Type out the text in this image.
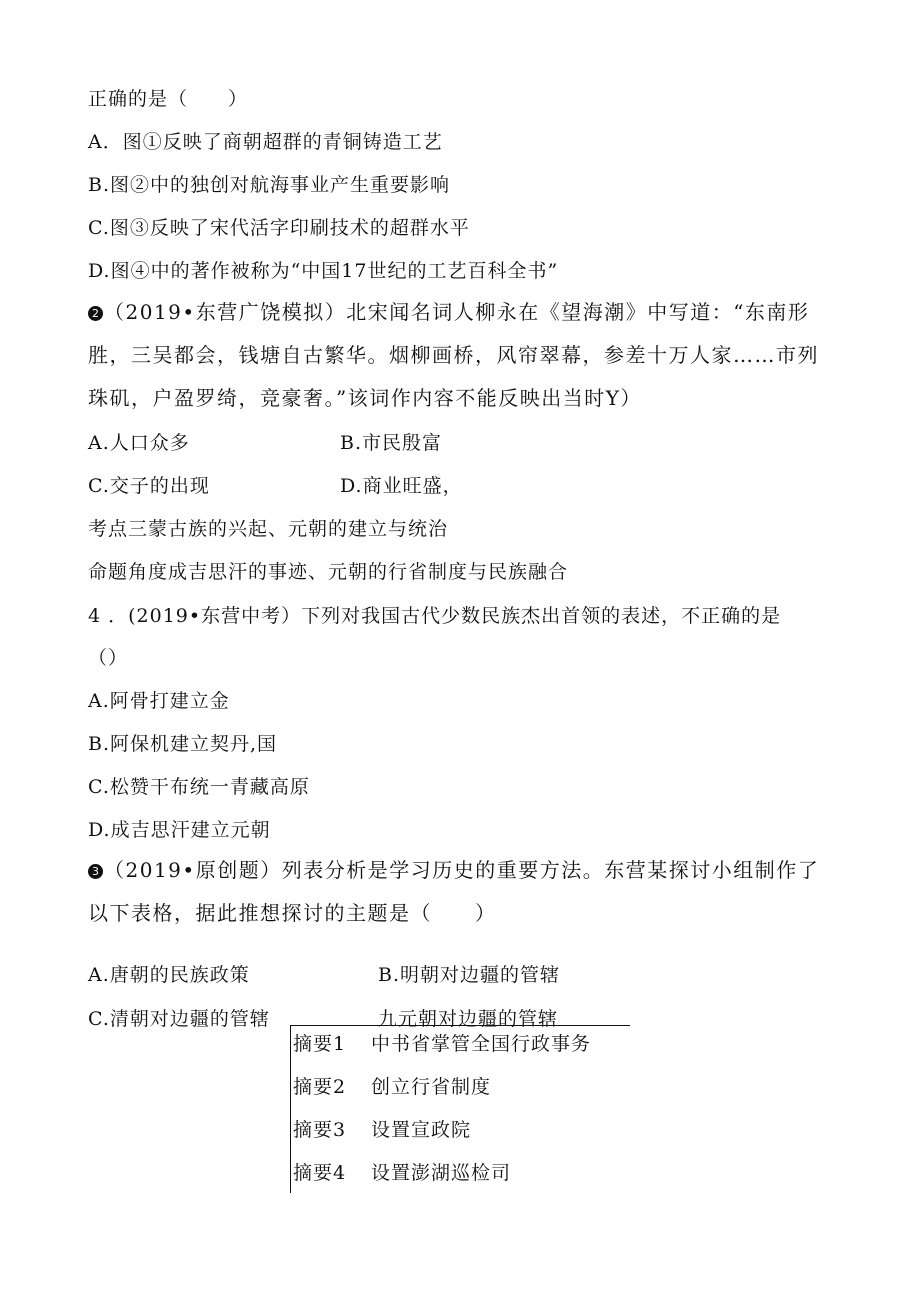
正确的是（　　）
A．图①反映了商朝超群的青铜铸造工艺
B.图②中的独创对航海事业产生重要影响
C.图③反映了宋代活字印刷技术的超群水平
D.图④中的著作被称为“中国17世纪的工艺百科全书”
2 （2019•东营广饶模拟）北宋闻名词人柳永在《望海潮》中写道：“东南形胜，三吴都会，钱塘自古繁华。烟柳画桥，风帘翠幕，参差十万人家……市列珠矶，户盈罗绮，竞豪奢。”该词作内容不能反映出当时Y）
A.人口众多	B.市民殷富
C.交子的出现	D.商业旺盛，
考点三蒙古族的兴起、元朝的建立与统治
命题角度成吉思汗的事迹、元朝的行省制度与民族融合
4 ．(2019•东营中考）下列对我国古代少数民族杰出首领的表述，不正确的是
（）
A.阿骨打建立金
B.阿保机建立契丹,国
C.松赞干布统一青藏高原
D.成吉思汗建立元朝
3 （2019•原创题）列表分析是学习历史的重要方法。东营某探讨小组制作了以下表格，据此推想探讨的主题是（　　）
A.唐朝的民族政策	B.明朝对边疆的管辖
C.清朝对边疆的管辖	九元朝对边疆的管辖
摘要1 中书省掌管全国行政事务
摘要2 创立行省制度
摘要3 设置宣政院
摘要4 设置澎湖巡检司
